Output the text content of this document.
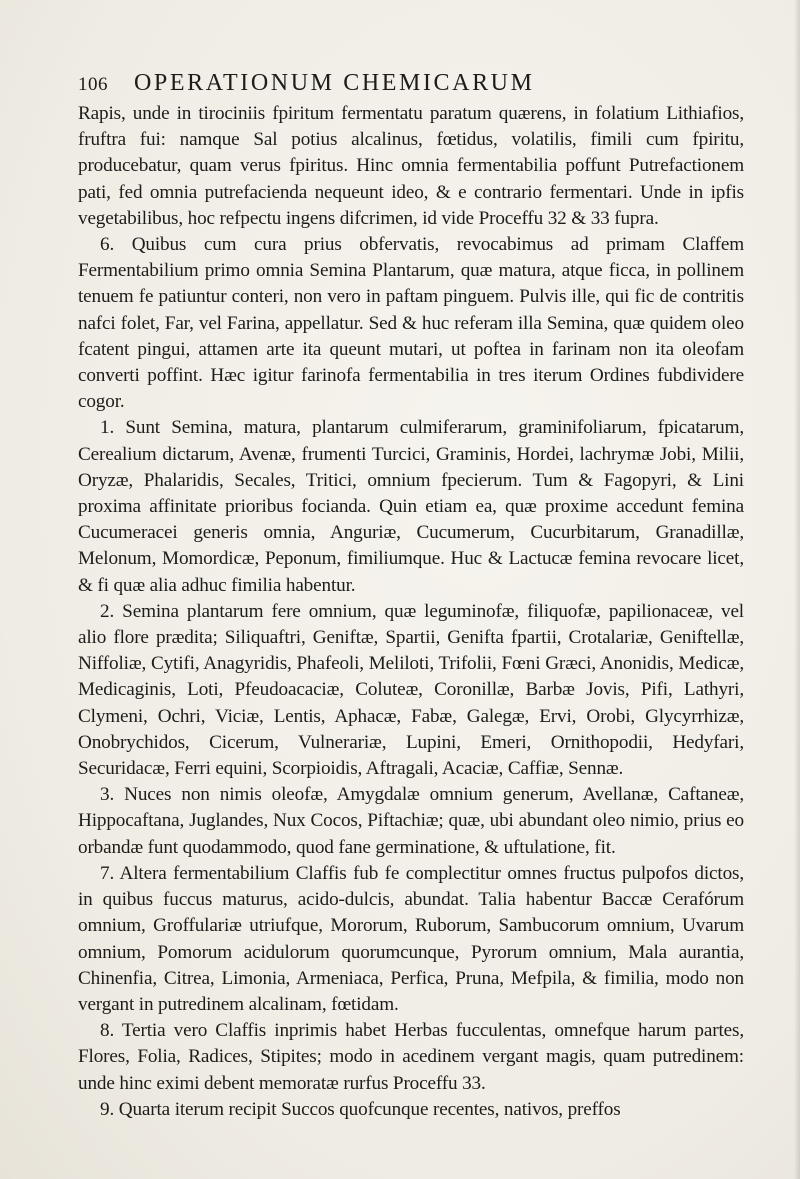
106 OPERATIONUM CHEMICARUM

Rapis, unde in tirociniis fpiritum fermentatu paratum quærens, in folatium Lithiafios, fruftra fui: namque Sal potius alcalinus, fœtidus, volatilis, fimili cum fpiritu, producebatur, quam verus fpiritus. Hinc omnia fermentabilia poffunt Putrefactionem pati, fed omnia putrefacienda nequeunt ideo, & e contrario fermentari. Unde in ipfis vegetabilibus, hoc refpectu ingens difcrimen, id vide Proceffu 32 & 33 fupra.

6. Quibus cum cura prius obfervatis, revocabimus ad primam Claffem Fermentabilium primo omnia Semina Plantarum, quæ matura, atque ficca, in pollinem tenuem fe patiuntur conteri, non vero in paftam pinguem. Pulvis ille, qui fic de contritis nafci folet, Far, vel Farina, appellatur. Sed & huc referam illa Semina, quæ quidem oleo fcatent pingui, attamen arte ita queunt mutari, ut poftea in farinam non ita oleofam converti poffint. Hæc igitur farinofa fermentabilia in tres iterum Ordines fubdividere cogor.

1. Sunt Semina, matura, plantarum culmiferarum, graminifoliarum, fpicatarum, Cerealium dictarum, Avenæ, frumenti Turcici, Graminis, Hordei, lachrymæ Jobi, Milii, Oryzæ, Phalaridis, Secales, Tritici, omnium fpecierum. Tum & Fagopyri, & Lini proxima affinitate prioribus focianda. Quin etiam ea, quæ proxime accedunt femina Cucumeracei generis omnia, Anguriæ, Cucumerum, Cucurbitarum, Granadillæ, Melonum, Momordicæ, Peponum, fimiliumque. Huc & Lactucæ femina revocare licet, & fi quæ alia adhuc fimilia habentur.

2. Semina plantarum fere omnium, quæ leguminofæ, filiquofæ, papilionaceæ, vel alio flore prædita; Siliquaftri, Geniftæ, Spartii, Genifta fpartii, Crotalariæ, Geniftellæ, Niffoliæ, Cytifi, Anagyridis, Phafeoli, Meliloti, Trifolii, Fœni Græci, Anonidis, Medicæ, Medicaginis, Loti, Pfeudoacaciæ, Coluteæ, Coronillæ, Barbæ Jovis, Pifi, Lathyri, Clymeni, Ochri, Viciæ, Lentis, Aphacæ, Fabæ, Galegæ, Ervi, Orobi, Glycyrrhizæ, Onobrychidos, Cicerum, Vulnerariæ, Lupini, Emeri, Ornithopodii, Hedyfari, Securidacæ, Ferri equini, Scorpioidis, Aftragali, Acaciæ, Caffiæ, Sennæ.

3. Nuces non nimis oleofæ, Amygdalæ omnium generum, Avellanæ, Caftaneæ, Hippocaftana, Juglandes, Nux Cocos, Piftachiæ; quæ, ubi abundant oleo nimio, prius eo orbandæ funt quodammodo, quod fane germinatione, & uftulatione, fit.

7. Altera fermentabilium Claffis fub fe complectitur omnes fructus pulpofos dictos, in quibus fuccus maturus, acido-dulcis, abundat. Talia habentur Baccæ Cerafórum omnium, Groffulariæ utriufque, Mororum, Ruborum, Sambucorum omnium, Uvarum omnium, Pomorum acidulorum quorumcunque, Pyrorum omnium, Mala aurantia, Chinenfia, Citrea, Limonia, Armeniaca, Perfica, Pruna, Mefpila, & fimilia, modo non vergant in putredinem alcalinam, fœtidam.

8. Tertia vero Claffis inprimis habet Herbas fucculentas, omnefque harum partes, Flores, Folia, Radices, Stipites; modo in acedinem vergant magis, quam putredinem: unde hinc eximi debent memoratæ rurfus Proceffu 33.

9. Quarta iterum recipit Succos quofcunque recentes, nativos, preffos
